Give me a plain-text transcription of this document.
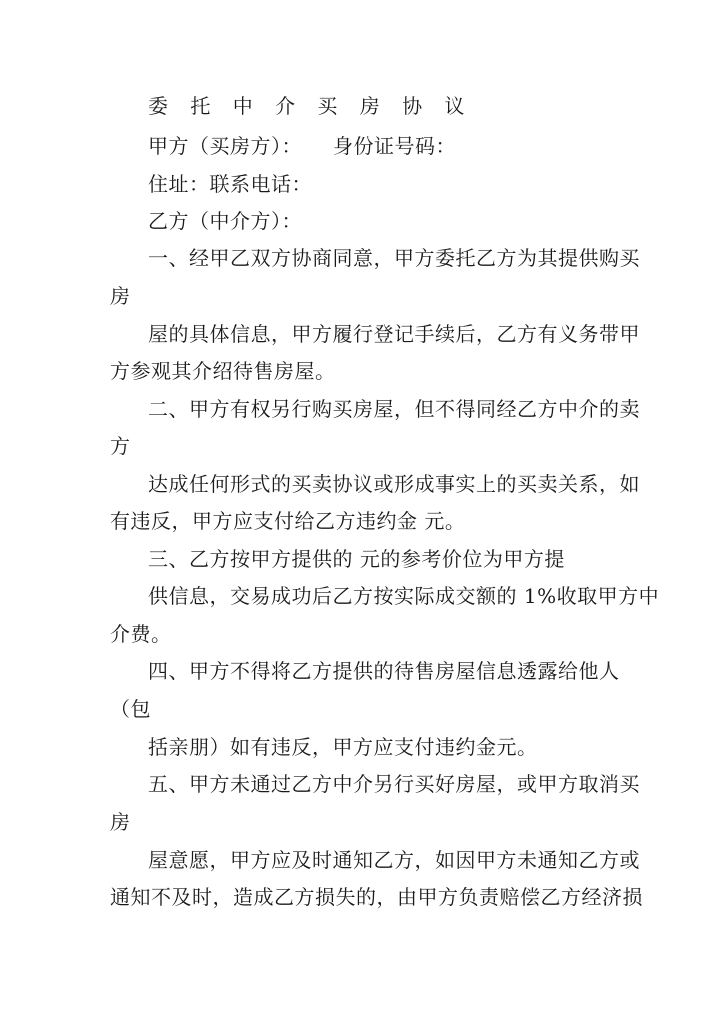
委 托 中 介 买 房 协 议
甲方（买房方）：　　身份证号码：
住址：联系电话：
乙方（中介方）：
一、经甲乙双方协商同意，甲方委托乙方为其提供购买
房
屋的具体信息，甲方履行登记手续后，乙方有义务带甲
方参观其介绍待售房屋。
二、甲方有权另行购买房屋，但不得同经乙方中介的卖
方
达成任何形式的买卖协议或形成事实上的买卖关系，如
有违反，甲方应支付给乙方违约金 元。
三、乙方按甲方提供的 元的参考价位为甲方提
供信息，交易成功后乙方按实际成交额的 1%收取甲方中
介费。
四、甲方不得将乙方提供的待售房屋信息透露给他人
（包
括亲朋）如有违反，甲方应支付违约金元。
五、甲方未通过乙方中介另行买好房屋，或甲方取消买
房
屋意愿，甲方应及时通知乙方，如因甲方未通知乙方或
通知不及时，造成乙方损失的，由甲方负责赔偿乙方经济损
